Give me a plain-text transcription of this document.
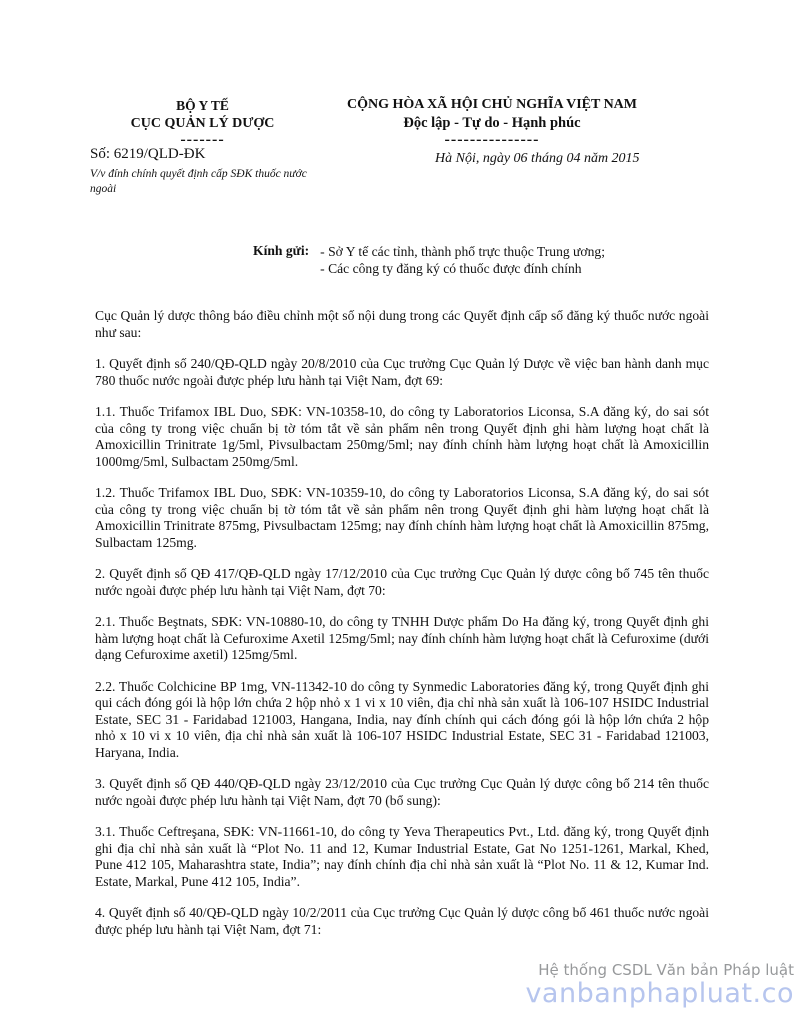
BỘ Y TẾ
CỤC QUẢN LÝ DƯỢC
-------
CỘNG HÒA XÃ HỘI CHỦ NGHĨA VIỆT NAM
Độc lập - Tự do - Hạnh phúc
---------------
Số: 6219/QLD-ĐK
V/v đính chính quyết định cấp SĐK thuốc nước ngoài
Hà Nội, ngày 06 tháng 04 năm 2015
Kính gửi: - Sở Y tế các tỉnh, thành phố trực thuộc Trung ương;
- Các công ty đăng ký có thuốc được đính chính

Cục Quản lý dược thông báo điều chỉnh một số nội dung trong các Quyết định cấp số đăng ký thuốc nước ngoài như sau:

1. Quyết định số 240/QĐ-QLD ngày 20/8/2010 của Cục trưởng Cục Quản lý Dược về việc ban hành danh mục 780 thuốc nước ngoài được phép lưu hành tại Việt Nam, đợt 69:

1.1. Thuốc Trifamox IBL Duo, SĐK: VN-10358-10, do công ty Laboratorios Liconsa, S.A đăng ký, do sai sót của công ty trong việc chuẩn bị tờ tóm tắt về sản phẩm nên trong Quyết định ghi hàm lượng hoạt chất là Amoxicillin Trinitrate 1g/5ml, Pivsulbactam 250mg/5ml; nay đính chính hàm lượng hoạt chất là Amoxicillin 1000mg/5ml, Sulbactam 250mg/5ml.

1.2. Thuốc Trifamox IBL Duo, SĐK: VN-10359-10, do công ty Laboratorios Liconsa, S.A đăng ký, do sai sót của công ty trong việc chuẩn bị tờ tóm tắt về sản phẩm nên trong Quyết định ghi hàm lượng hoạt chất là Amoxicillin Trinitrate 875mg, Pivsulbactam 125mg; nay đính chính hàm lượng hoạt chất là Amoxicillin 875mg, Sulbactam 125mg.

2. Quyết định số QĐ 417/QĐ-QLD ngày 17/12/2010 của Cục trưởng Cục Quản lý dược công bố 745 tên thuốc nước ngoài được phép lưu hành tại Việt Nam, đợt 70:

2.1. Thuốc Beştnats, SĐK: VN-10880-10, do công ty TNHH Dược phẩm Do Ha đăng ký, trong Quyết định ghi hàm lượng hoạt chất là Cefuroxime Axetil 125mg/5ml; nay đính chính hàm lượng hoạt chất là Cefuroxime (dưới dạng Cefuroxime axetil) 125mg/5ml.

2.2. Thuốc Colchicine BP 1mg, VN-11342-10 do công ty Synmedic Laboratories đăng ký, trong Quyết định ghi qui cách đóng gói là hộp lớn chứa 2 hộp nhỏ x 1 vi x 10 viên, địa chỉ nhà sản xuất là 106-107 HSIDC Industrial Estate, SEC 31 - Faridabad 121003, Hangana, India, nay đính chính qui cách đóng gói là hộp lớn chứa 2 hộp nhỏ x 10 vi x 10 viên, địa chỉ nhà sản xuất là 106-107 HSIDC Industrial Estate, SEC 31 - Faridabad 121003, Haryana, India.

3. Quyết định số QĐ 440/QĐ-QLD ngày 23/12/2010 của Cục trưởng Cục Quản lý dược công bố 214 tên thuốc nước ngoài được phép lưu hành tại Việt Nam, đợt 70 (bổ sung):

3.1. Thuốc Ceftreşana, SĐK: VN-11661-10, do công ty Yeva Therapeutics Pvt., Ltd. đăng ký, trong Quyết định ghi địa chỉ nhà sản xuất là “Plot No. 11 and 12, Kumar Industrial Estate, Gat No 1251-1261, Markal, Khed, Pune 412 105, Maharashtra state, India”; nay đính chính địa chỉ nhà sản xuất là “Plot No. 11 & 12, Kumar Ind. Estate, Markal, Pune 412 105, India”.

4. Quyết định số 40/QĐ-QLD ngày 10/2/2011 của Cục trưởng Cục Quản lý dược công bố 461 thuốc nước ngoài được phép lưu hành tại Việt Nam, đợt 71:

Hệ thống CSDL Văn bản Pháp luật
vanbanphapluat.co
